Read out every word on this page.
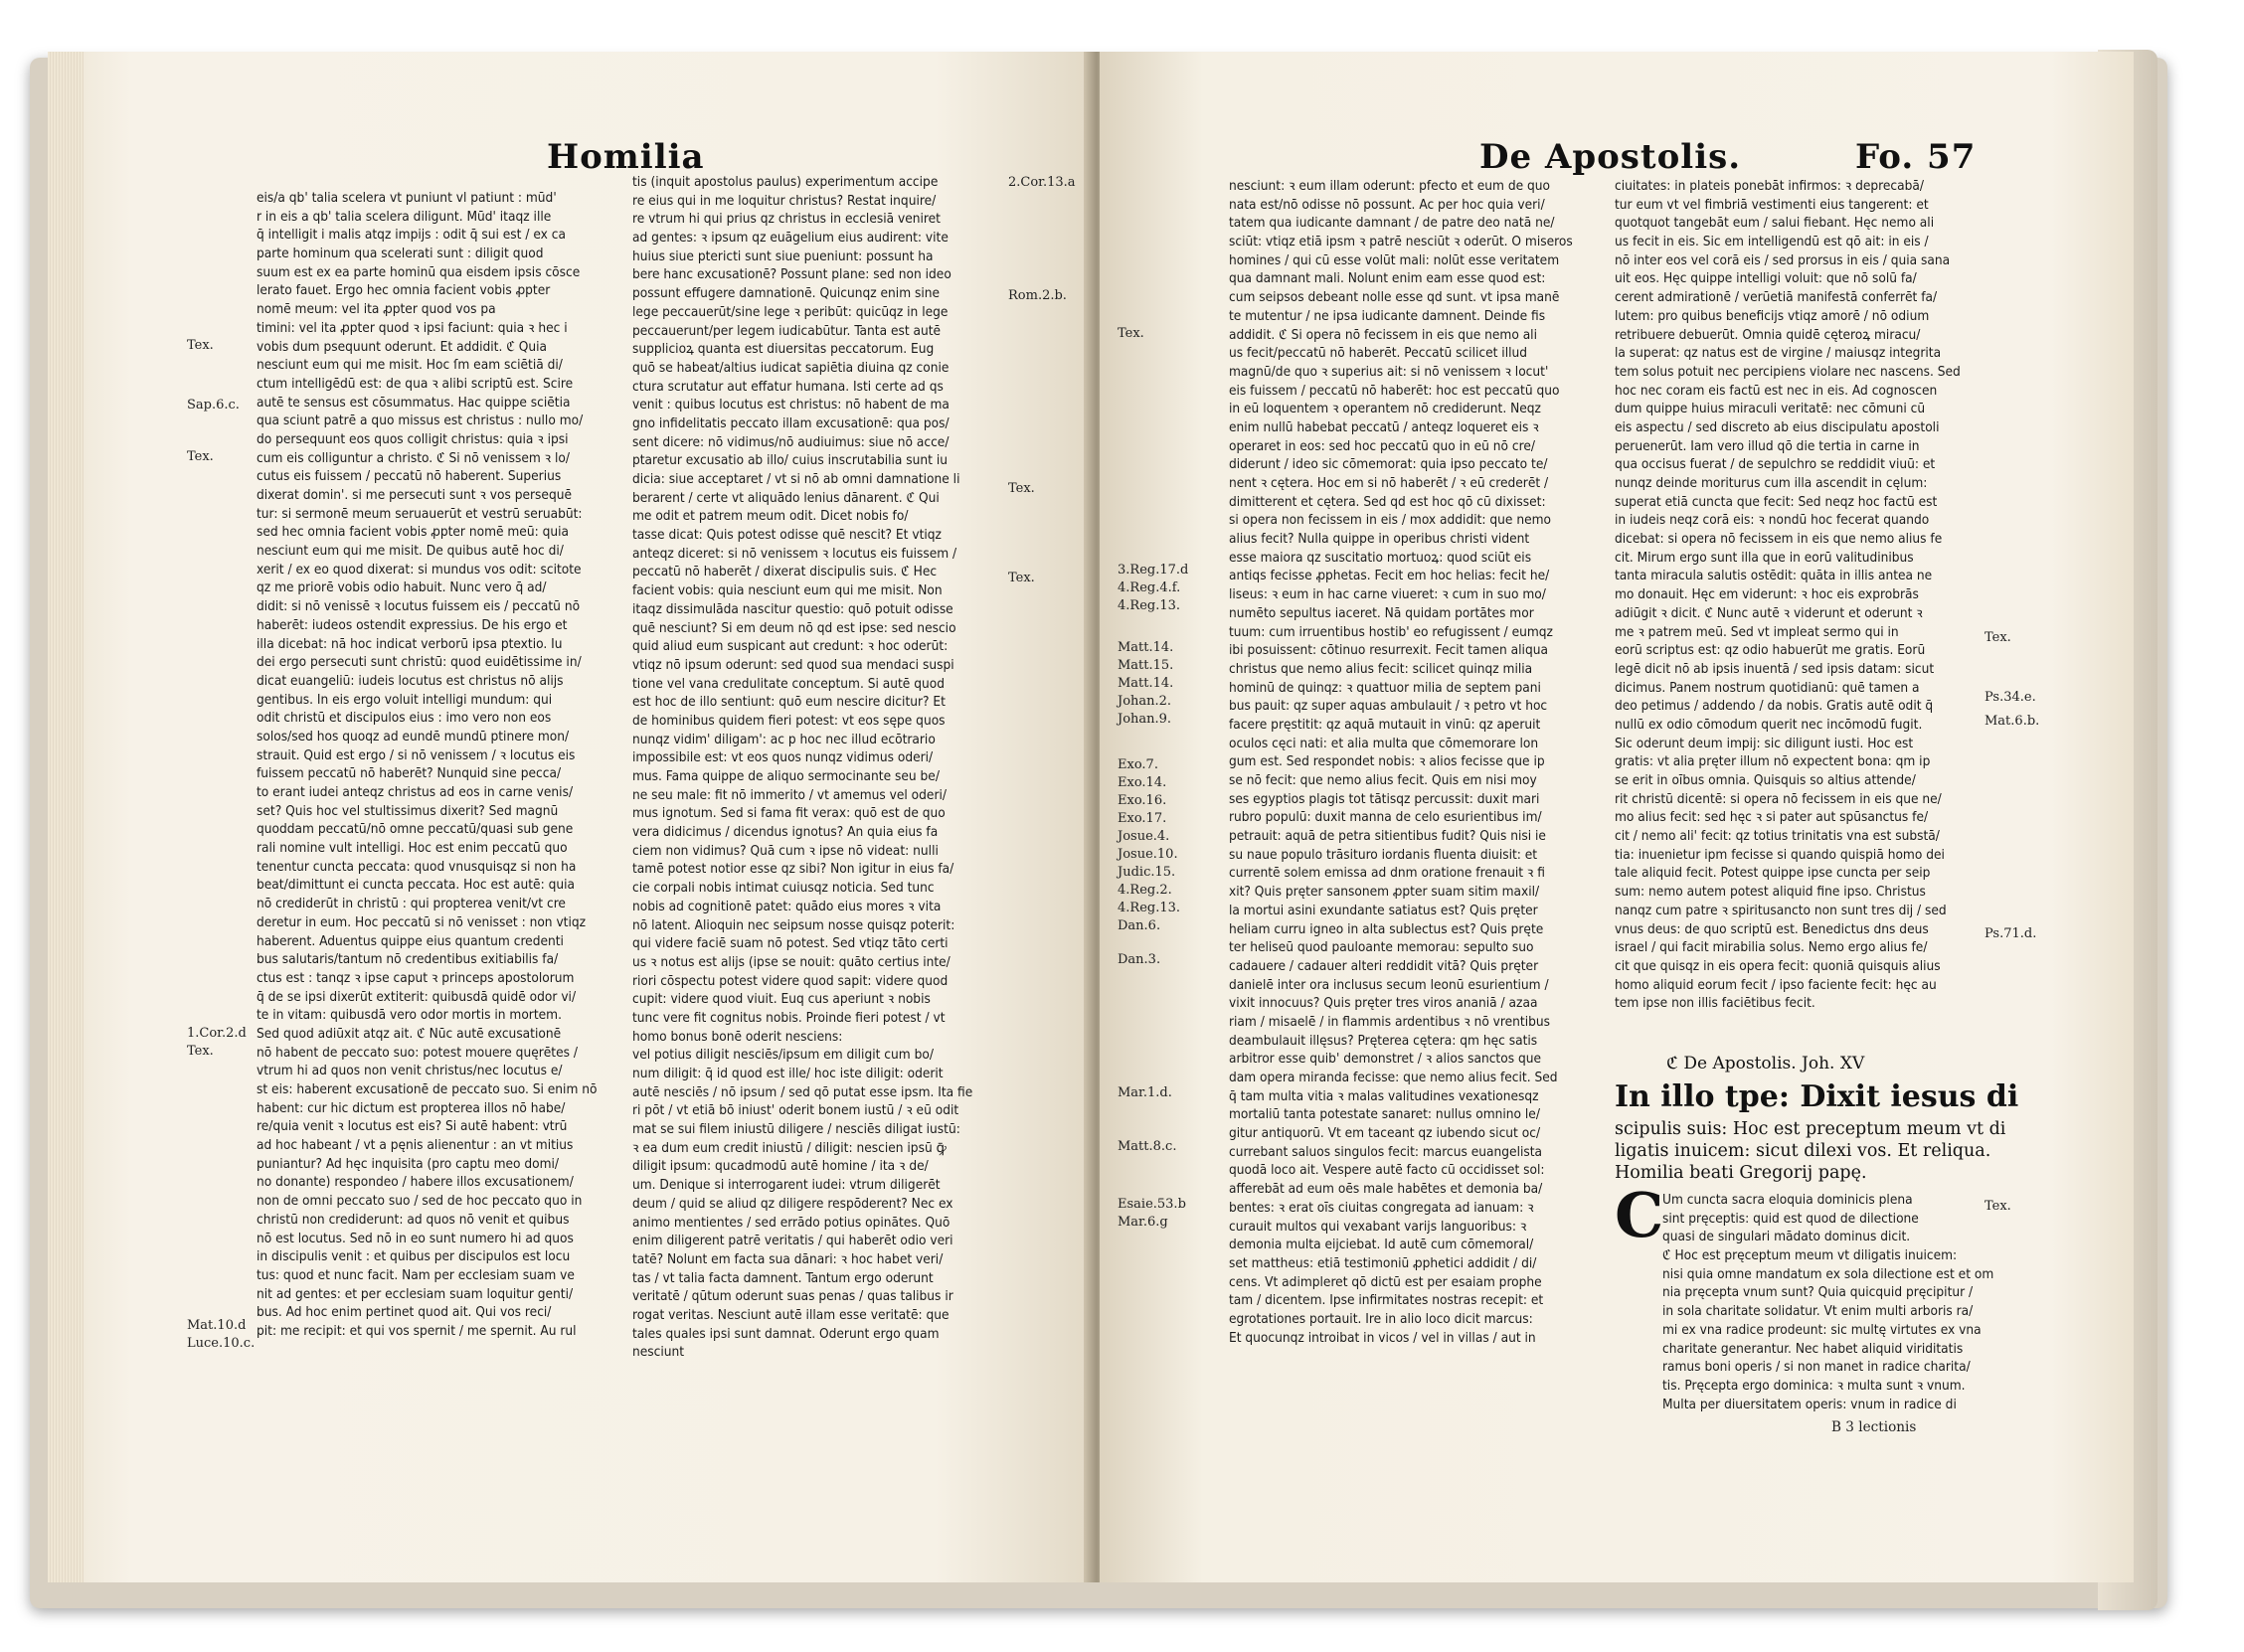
Homilia
eis/a qb' talia scelera vt puniunt vl patiunt : mūd'
r in eis a qb' talia scelera diligunt. Mūd' itaqz ille
q̄ intelligit i malis atqz impijs : odit q̄ sui est / ex ca
parte hominum qua scelerati sunt : diligit quod
suum est ex ea parte hominū qua eisdem ipsis cōsce
lerato fauet. Ergo hec omnia facient vobis ꝓpter
nomē meum: vel ita ꝓpter quod vos pa
timini: vel ita ꝓpter quod ꝛ ipsi faciunt: quia ꝛ hec i
vobis dum psequunt oderunt. Et addidit. ℭ Quia
nesciunt eum qui me misit. Hoc ſm eam sciētiā di/
ctum intelligēdū est: de qua ꝛ alibi scriptū est. Scire
autē te sensus est cōsummatus. Hac quippe sciētia
qua sciunt patrē a quo missus est christus : nullo mo/
do persequunt eos quos colligit christus: quia ꝛ ipsi
cum eis colliguntur a christo. ℭ Si nō venissem ꝛ lo/
cutus eis fuissem / peccatū nō haberent. Superius
dixerat domin'. si me persecuti sunt ꝛ vos persequē
tur: si sermonē meum seruauerūt et vestrū seruabūt:
sed hec omnia facient vobis ꝓpter nomē meū: quia
nesciunt eum qui me misit. De quibus autē hoc di/
xerit / ex eo quod dixerat: si mundus vos odit: scitote
qz me priorē vobis odio habuit. Nunc vero q̄ ad/
didit: si nō venissē ꝛ locutus fuissem eis / peccatū nō
haberēt: iudeos ostendit expressius. De his ergo et
illa dicebat: nā hoc indicat verborū ipsa ptextio. Iu
dei ergo persecuti sunt christū: quod euidētissime in/
dicat euangeliū: iudeis locutus est christus nō alijs
gentibus. In eis ergo voluit intelligi mundum: qui
odit christū et discipulos eius : imo vero non eos
solos/sed hos quoqz ad eundē mundū ptinere mon/
strauit. Quid est ergo / si nō venissem / ꝛ locutus eis
fuissem peccatū nō haberēt? Nunquid sine pecca/
to erant iudei anteqz christus ad eos in carne venis/
set? Quis hoc vel stultissimus dixerit? Sed magnū
quoddam peccatū/nō omne peccatū/quasi sub gene
rali nomine vult intelligi. Hoc est enim peccatū quo
tenentur cuncta peccata: quod vnusquisqz si non ha
beat/dimittunt ei cuncta peccata. Hoc est autē: quia
nō crediderūt in christū : qui propterea venit/vt cre
deretur in eum. Hoc peccatū si nō venisset : non vtiqz
haberent. Aduentus quippe eius quantum credenti
bus salutaris/tantum nō credentibus exitiabilis fa/
ctus est : tanqz ꝛ ipse caput ꝛ princeps apostolorum
q̄ de se ipsi dixerūt extiterit: quibusdā quidē odor vi/
te in vitam: quibusdā vero odor mortis in mortem.
Sed quod adiūxit atqz ait. ℭ Nūc autē excusationē
nō habent de peccato suo: potest mouere quęrētes /
vtrum hi ad quos non venit christus/nec locutus e/
st eis: haberent excusationē de peccato suo. Si enim nō
habent: cur hic dictum est propterea illos nō habe/
re/quia venit ꝛ locutus est eis? Si autē habent: vtrū
ad hoc habeant / vt a pęnis alienentur : an vt mitius
puniantur? Ad hęc inquisita (pro captu meo domi/
no donante) respondeo / habere illos excusationem/
non de omni peccato suo / sed de hoc peccato quo in
christū non crediderunt: ad quos nō venit et quibus
nō est locutus. Sed nō in eo sunt numero hi ad quos
in discipulis venit : et quibus per discipulos est locu
tus: quod et nunc facit. Nam per ecclesiam suam ve
nit ad gentes: et per ecclesiam suam loquitur genti/
bus. Ad hoc enim pertinet quod ait. Qui vos reci/
pit: me recipit: et qui vos spernit / me spernit. Au rul
tis (inquit apostolus paulus) experimentum accipe
re eius qui in me loquitur christus? Restat inquire/
re vtrum hi qui prius qz christus in ecclesiā veniret
ad gentes: ꝛ ipsum qz euāgelium eius audirent: vite
huius siue ptericti sunt siue pueniunt: possunt ha
bere hanc excusationē? Possunt plane: sed non ideo
possunt effugere damnationē. Quicunqz enim sine
lege peccauerūt/sine lege ꝛ peribūt: quicūqz in lege
peccauerunt/per legem iudicabūtur. Tanta est autē
supplicioꝝ quanta est diuersitas peccatorum. Eug
quō se habeat/altius iudicat sapiētia diuina qz conie
ctura scrutatur aut effatur humana. Isti certe ad qs
venit : quibus locutus est christus: nō habent de ma
gno infidelitatis peccato illam excusationē: qua pos/
sent dicere: nō vidimus/nō audiuimus: siue nō acce/
ptaretur excusatio ab illo/ cuius inscrutabilia sunt iu
dicia: siue acceptaret / vt si nō ab omni damnatione li
berarent / certe vt aliquādo lenius dānarent. ℭ Qui
me odit et patrem meum odit. Dicet nobis fo/
tasse dicat: Quis potest odisse quē nescit? Et vtiqz
anteqz diceret: si nō venissem ꝛ locutus eis fuissem /
peccatū nō haberēt / dixerat discipulis suis. ℭ Hec
facient vobis: quia nesciunt eum qui me misit. Non
itaqz dissimulāda nascitur questio: quō potuit odisse
quē nesciunt? Si em deum nō qd est ipse: sed nescio
quid aliud eum suspicant aut credunt: ꝛ hoc oderūt:
vtiqz nō ipsum oderunt: sed quod sua mendaci suspi
tione vel vana credulitate conceptum. Si autē quod
est hoc de illo sentiunt: quō eum nescire dicitur? Et
de hominibus quidem fieri potest: vt eos sępe quos
nunqz vidim' diligam': ac p hoc nec illud ecōtrario
impossibile est: vt eos quos nunqz vidimus oderi/
mus. Fama quippe de aliquo sermocinante seu be/
ne seu male: fit nō immerito / vt amemus vel oderi/
mus ignotum. Sed si fama fit verax: quō est de quo
vera didicimus / dicendus ignotus? An quia eius fa
ciem non vidimus? Quā cum ꝛ ipse nō videat: nulli
tamē potest notior esse qz sibi? Non igitur in eius fa/
cie corpali nobis intimat cuiusqz noticia. Sed tunc
nobis ad cognitionē patet: quādo eius mores ꝛ vita
nō latent. Alioquin nec seipsum nosse quisqz poterit:
qui videre faciē suam nō potest. Sed vtiqz tāto certi
us ꝛ notus est alijs (ipse se nouit: quāto certius inte/
riori cōspectu potest videre quod sapit: videre quod
cupit: videre quod viuit. Euq cus aperiunt ꝛ nobis
tunc vere fit cognitus nobis. Proinde fieri potest / vt
homo bonus bonē oderit nesciens:
vel potius diligit nesciēs/ipsum em diligit cum bo/
num diligit: q̄ id quod est ille/ hoc iste diligit: oderit
autē nesciēs / nō ipsum / sed qō putat esse ipsm. Ita fie
ri pōt / vt etiā bō iniust' oderit bonem iustū / ꝛ eū odit
mat se sui filem iniustū diligere / nesciēs diligat iustū:
ꝛ ea dum eum credit iniustū / diligit: nescien ipsū ꝙ̄
diligit ipsum: qucadmodū autē homine / ita ꝛ de/
um. Denique si interrogarent iudei: vtrum diligerēt
deum / quid se aliud qz diligere respōderent? Nec ex
animo mentientes / sed errādo potius opinātes. Quō
enim diligerent patrē veritatis / qui haberēt odio veri
tatē? Nolunt em facta sua dānari: ꝛ hoc habet veri/
tas / vt talia facta damnent. Tantum ergo oderunt
veritatē / qūtum oderunt suas penas / quas talibus ir
rogat veritas. Nesciunt autē illam esse veritatē: que
tales quales ipsi sunt damnat. Oderunt ergo quam
nesciunt
Tex.
Sap.6.c.
Tex.
1.Cor.2.d
Tex.
Mat.10.d
Luce.10.c.
2.Cor.13.a
Rom.2.b.
Tex.
Tex.
De Apostolis.	Fo. 57
nesciunt: ꝛ eum illam oderunt: pfecto et eum de quo
nata est/nō odisse nō possunt. Ac per hoc quia veri/
tatem qua iudicante damnant / de patre deo natā ne/
sciūt: vtiqz etiā ipsm ꝛ patrē nesciūt ꝛ oderūt. O miseros
homines / qui cū esse volūt mali: nolūt esse veritatem
qua damnant mali. Nolunt enim eam esse quod est:
cum seipsos debeant nolle esse qd sunt. vt ipsa manē
te mutentur / ne ipsa iudicante damnent. Deinde fis
addidit. ℭ Si opera nō fecissem in eis que nemo ali
us fecit/peccatū nō haberēt. Peccatū scilicet illud
magnū/de quo ꝛ superius ait: si nō venissem ꝛ locut'
eis fuissem / peccatū nō haberēt: hoc est peccatū quo
in eū loquentem ꝛ operantem nō crediderunt. Neqz
enim nullū habebat peccatū / anteqz loqueret eis ꝛ
operaret in eos: sed hoc peccatū quo in eū nō cre/
diderunt / ideo sic cōmemorat: quia ipso peccato te/
nent ꝛ cętera. Hoc em si nō haberēt / ꝛ eū crederēt /
dimitterent et cętera. Sed qd est hoc qō cū dixisset:
si opera non fecissem in eis / mox addidit: que nemo
alius fecit? Nulla quippe in operibus christi vident
esse maiora qz suscitatio mortuoꝝ: quod sciūt eis
antiqs fecisse ꝓphetas. Fecit em hoc helias: fecit he/
liseus: ꝛ eum in hac carne viueret: ꝛ cum in suo mo/
numēto sepultus iaceret. Nā quidam portātes mor
tuum: cum irruentibus hostib' eo refugissent / eumqz
ibi posuissent: cōtinuo resurrexit. Fecit tamen aliqua
christus que nemo alius fecit: scilicet quinqz milia
hominū de quinqz: ꝛ quattuor milia de septem pani
bus pauit: qz super aquas ambulauit / ꝛ petro vt hoc
facere pręstitit: qz aquā mutauit in vinū: qz aperuit
oculos cęci nati: et alia multa que cōmemorare lon
gum est. Sed respondet nobis: ꝛ alios fecisse que ip
se nō fecit: que nemo alius fecit. Quis em nisi moy
ses egyptios plagis tot tātisqz percussit: duxit mari
rubro populū: duxit manna de celo esurientibus im/
petrauit: aquā de petra sitientibus fudit? Quis nisi ie
su naue populo trāsituro iordanis fluenta diuisit: et
currentē solem emissa ad dnm oratione frenauit ꝛ fi
xit? Quis pręter sansonem ꝓpter suam sitim maxil/
la mortui asini exundante satiatus est? Quis pręter
heliam curru igneo in alta sublectus est? Quis pręte
ter heliseū quod pauloante memorau: sepulto suo
cadauere / cadauer alteri reddidit vitā? Quis pręter
danielē inter ora inclusus secum leonū esurientium /
vixit innocuus? Quis pręter tres viros ananiā / azaa
riam / misaelē / in flammis ardentibus ꝛ nō vrentibus
deambulauit illęsus? Pręterea cętera: qm hęc satis
arbitror esse quib' demonstret / ꝛ alios sanctos que
dam opera miranda fecisse: que nemo alius fecit. Sed
q̄ tam multa vitia ꝛ malas valitudines vexationesqz
mortaliū tanta potestate sanaret: nullus omnino le/
gitur antiquorū. Vt em taceant qz iubendo sicut oc/
currebant saluos singulos fecit: marcus euangelista
quodā loco ait. Vespere autē facto cū occidisset sol:
afferebāt ad eum oēs male habētes et demonia ba/
bentes: ꝛ erat oīs ciuitas congregata ad ianuam: ꝛ
curauit multos qui vexabant varijs languoribus: ꝛ
demonia multa eijciebat. Id autē cum cōmemoral/
set mattheus: etiā testimoniū ꝓphetici addidit / di/
cens. Vt adimpleret qō dictū est per esaiam prophe
tam / dicentem. Ipse infirmitates nostras recepit: et
egrotationes portauit. Ire in alio loco dicit marcus:
Et quocunqz introibat in vicos / vel in villas / aut in
ciuitates: in plateis ponebāt infirmos: ꝛ deprecabā/
tur eum vt vel fimbriā vestimenti eius tangerent: et
quotquot tangebāt eum / salui fiebant. Hęc nemo ali
us fecit in eis. Sic em intelligendū est qō ait: in eis /
nō inter eos vel corā eis / sed prorsus in eis / quia sana
uit eos. Hęc quippe intelligi voluit: que nō solū fa/
cerent admirationē / verūetiā manifestā conferrēt fa/
lutem: pro quibus beneficijs vtiqz amorē / nō odium
retribuere debuerūt. Omnia quidē cęteroꝝ miracu/
la superat: qz natus est de virgine / maiusqz integrita
tem solus potuit nec percipiens violare nec nascens. Sed
hoc nec coram eis factū est nec in eis. Ad cognoscen
dum quippe huius miraculi veritatē: nec cōmuni cū
eis aspectu / sed discreto ab eius discipulatu apostoli
peruenerūt. Iam vero illud qō die tertia in carne in
qua occisus fuerat / de sepulchro se reddidit viuū: et
nunqz deinde moriturus cum illa ascendit in cęlum:
superat etiā cuncta que fecit: Sed neqz hoc factū est
in iudeis neqz corā eis: ꝛ nondū hoc fecerat quando
dicebat: si opera nō fecissem in eis que nemo alius fe
cit. Mirum ergo sunt illa que in eorū valitudinibus
tanta miracula salutis ostēdit: quāta in illis antea ne
mo donauit. Hęc em viderunt: ꝛ hoc eis exprobrās
adiūgit ꝛ dicit. ℭ Nunc autē ꝛ viderunt et oderunt ꝛ
me ꝛ patrem meū. Sed vt impleat sermo qui in
eorū scriptus est: qz odio habuerūt me gratis. Eorū
legē dicit nō ab ipsis inuentā / sed ipsis datam: sicut
dicimus. Panem nostrum quotidianū: quē tamen a
deo petimus / addendo / da nobis. Gratis autē odit q̄
nullū ex odio cōmodum querit nec incōmodū fugit.
Sic oderunt deum impij: sic diligunt iusti. Hoc est
gratis: vt alia pręter illum nō expectent bona: qm ip
se erit in oībus omnia. Quisquis so altius attende/
rit christū dicentē: si opera nō fecissem in eis que ne/
mo alius fecit: sed hęc ꝛ si pater aut spūsanctus fe/
cit / nemo ali' fecit: qz totius trinitatis vna est substā/
tia: inuenietur ipm fecisse si quando quispiā homo dei
tale aliquid fecit. Potest quippe ipse cuncta per seip
sum: nemo autem potest aliquid fine ipso. Christus
nanqz cum patre ꝛ spiritusancto non sunt tres dij / sed
vnus deus: de quo scriptū est. Benedictus dns deus
israel / qui facit mirabilia solus. Nemo ergo alius fe/
cit que quisqz in eis opera fecit: quoniā quisquis alius
homo aliquid eorum fecit / ipso faciente fecit: hęc au
tem ipse non illis faciētibus fecit.
ℭ De Apostolis. Joh. XV
In illo tpe: Dixit iesus di
scipulis suis: Hoc est preceptum meum vt di
ligatis inuicem: sicut dilexi vos. Et reliqua.
Homilia beati Gregorij papę.
C
Um cuncta sacra eloquia dominicis plena
sint pręceptis: quid est quod de dilectione
quasi de singulari mādato dominus dicit.
ℭ Hoc est pręceptum meum vt diligatis inuicem:
nisi quia omne mandatum ex sola dilectione est et om
nia pręcepta vnum sunt? Quia quicquid pręcipitur /
in sola charitate solidatur. Vt enim multi arboris ra/
mi ex vna radice prodeunt: sic multę virtutes ex vna
charitate generantur. Nec habet aliquid viriditatis
ramus boni operis / si non manet in radice charita/
tis. Pręcepta ergo dominica: ꝛ multa sunt ꝛ vnum.
Multa per diuersitatem operis: vnum in radice di
B 3 lectionis
Tex.
3.Reg.17.d
4.Reg.4.f.
4.Reg.13.
Matt.14.
Matt.15.
Matt.14.
Johan.2.
Johan.9.
Exo.7.
Exo.14.
Exo.16.
Exo.17.
Josue.4.
Josue.10.
Judic.15.
4.Reg.2.
4.Reg.13.
Dan.6.
Dan.3.
Mar.1.d.
Matt.8.c.
Esaie.53.b
Mar.6.g
Tex.
Ps.34.e.
Mat.6.b.
Ps.71.d.
Tex.
